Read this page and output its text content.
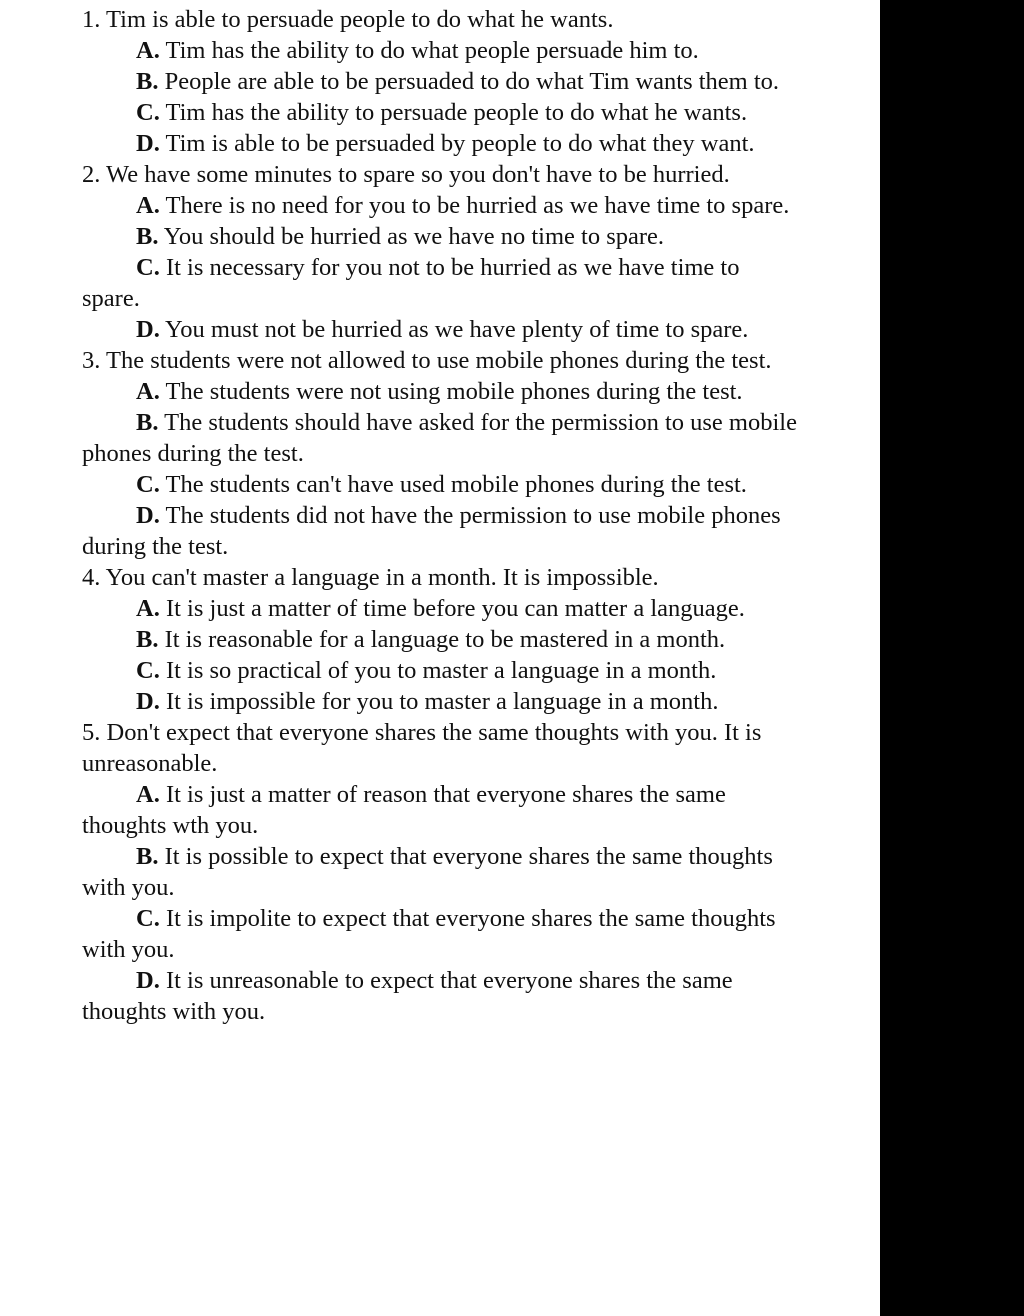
1. Tim is able to persuade people to do what he wants.

A. Tim has the ability to do what people persuade him to.

B. People are able to be persuaded to do what Tim wants them to.

C. Tim has the ability to persuade people to do what he wants.

D. Tim is able to be persuaded by people to do what they want.

2. We have some minutes to spare so you don't have to be hurried.

A. There is no need for you to be hurried as we have time to spare.

B. You should be hurried as we have no time to spare.

C. It is necessary for you not to be hurried as we have time to spare.

D. You must not be hurried as we have plenty of time to spare.

3. The students were not allowed to use mobile phones during the test.

A. The students were not using mobile phones during the test.

B. The students should have asked for the permission to use mobile phones during the test.

C. The students can't have used mobile phones during the test.

D. The students did not have the permission to use mobile phones during the test.

4. You can't master a language in a month. It is impossible.

A. It is just a matter of time before you can matter a language.

B. It is reasonable for a language to be mastered in a month.

C. It is so practical of you to master a language in a month.

D. It is impossible for you to master a language in a month.

5. Don't expect that everyone shares the same thoughts with you. It is unreasonable.

A. It is just a matter of reason that everyone shares the same thoughts wth you.

B. It is possible to expect that everyone shares the same thoughts with you.

C. It is impolite to expect that everyone shares the same thoughts with you.

D. It is unreasonable to expect that everyone shares the same thoughts with you.
